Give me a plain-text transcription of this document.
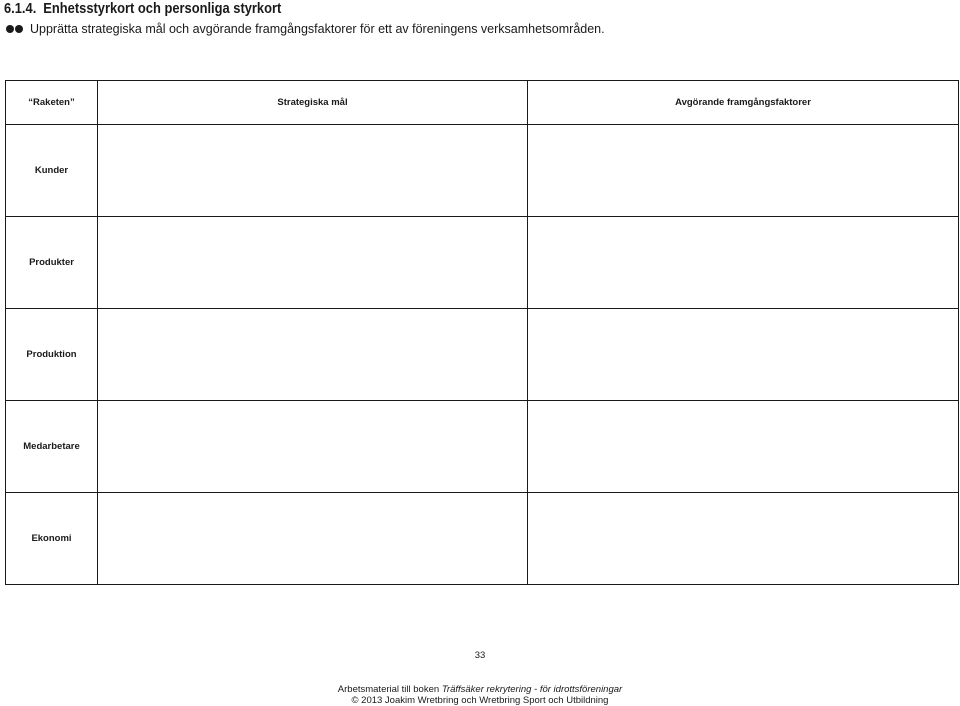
6.1.4. Enhetsstyrkort och personliga styrkort
Upprätta strategiska mål och avgörande framgångsfaktorer för ett av föreningens verksamhetsområden.
“Raketen”	Strategiska mål	Avgörande framgångsfaktorer
Kunder		
Produkter		
Produktion		
Medarbetare		
Ekonomi		
33
Arbetsmaterial till boken Träffsäker rekrytering - för idrottsföreningar
© 2013 Joakim Wretbring och Wretbring Sport och Utbildning
